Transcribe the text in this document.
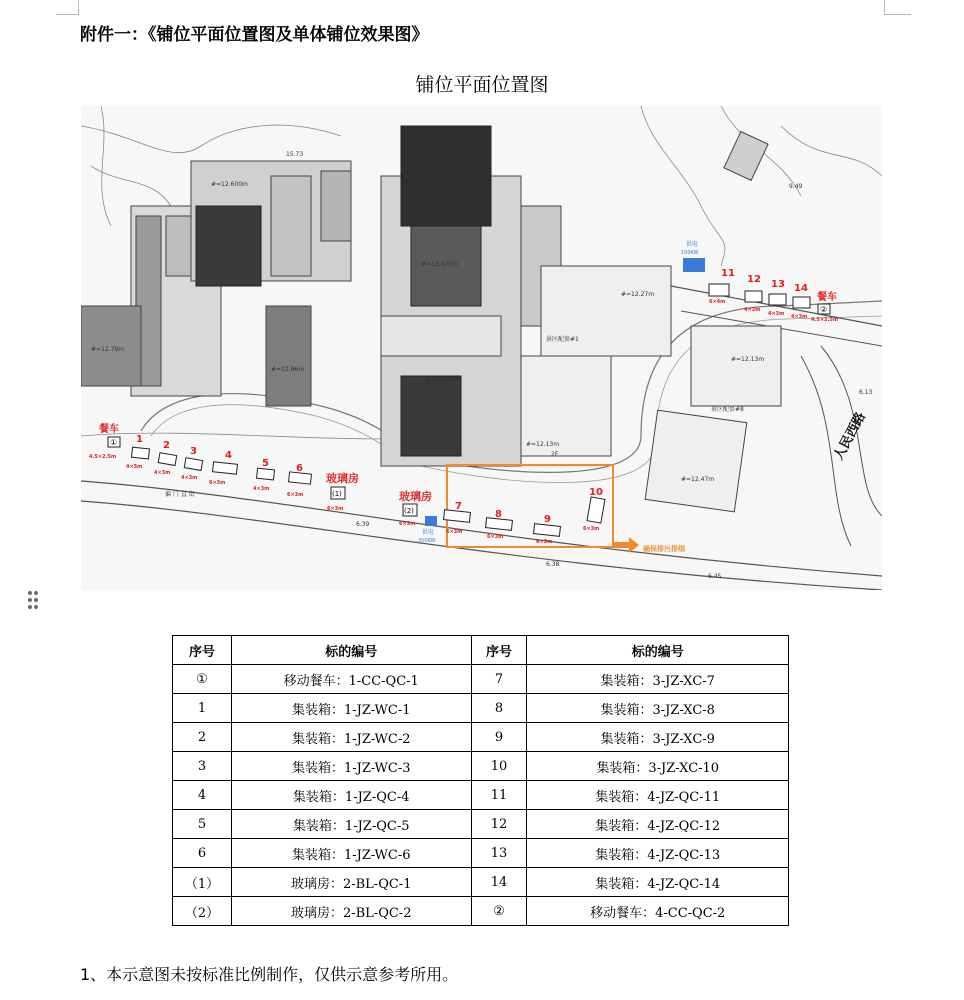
附件一：《铺位平面位置图及单体铺位效果图》
铺位平面位置图
#=12.600m
#=12.81m
#=12.27m
景区配套#1
景区配套#8
#=12.47m
#=12.96m
#=12.13m
2F
#=12.13m
#=12.79m
#=12.96m
#=12.475m
15.73
6.13
6.38
6.45
6.39
9.49
偏 门 直 街
人民西路
确保排污排烟
供电
100KW
供电
350KW
玻璃房
玻璃房
餐车
餐车
①
4.5×2.5m
1
4×3m
2
4×3m
3
4×3m
4
6×3m
5
4×3m
6
6×3m	(1)
6×3m	(2)
6×3m
7
6×3m
8
6×3m
9
6×3m
10
6×3m
11
6×4m
12
4×3m
13
4×3m
14
4×3m
②
4.5×2.5m
序号	标的编号	序号	标的编号
①	移动餐车：1-CC-QC-1	7	集装箱：3-JZ-XC-7
1	集装箱：1-JZ-WC-1	8	集装箱：3-JZ-XC-8
2	集装箱：1-JZ-WC-2	9	集装箱：3-JZ-XC-9
3	集装箱：1-JZ-WC-3	10	集装箱：3-JZ-XC-10
4	集装箱：1-JZ-QC-4	11	集装箱：4-JZ-QC-11
5	集装箱：1-JZ-QC-5	12	集装箱：4-JZ-QC-12
6	集装箱：1-JZ-WC-6	13	集装箱：4-JZ-QC-13
（1）	玻璃房：2-BL-QC-1	14	集装箱：4-JZ-QC-14
（2）	玻璃房：2-BL-QC-2	②	移动餐车：4-CC-QC-2
1、本示意图未按标准比例制作，仅供示意参考所用。
